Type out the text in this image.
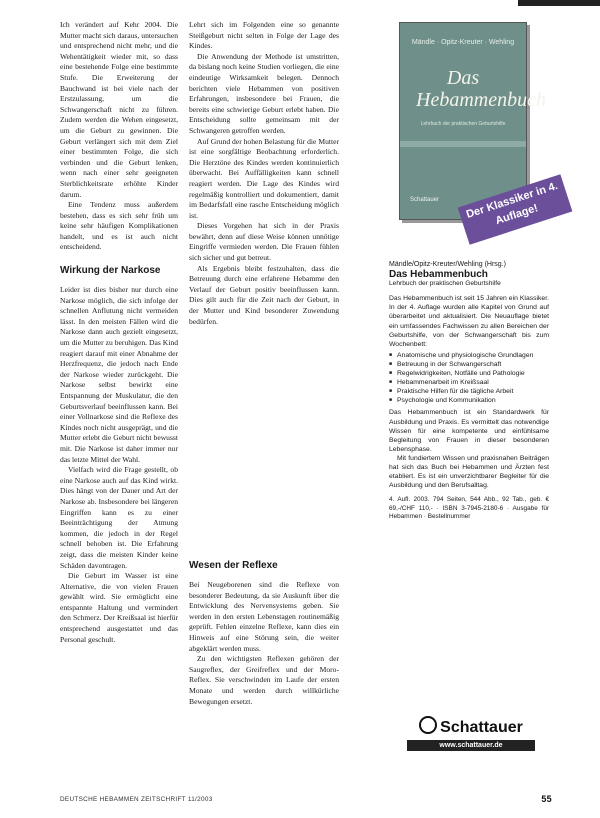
Ich verändert auf Kehr 2004. Die Mutter macht sich daraus, untersuchen und entsprechend nicht mehr, und die Wehentätigkeit wieder mit, so dass eine bestehende Folge eine bestimmte Stufe. Die Erweiterung der Bauchwand ist bei viele nach der Erstzulassung, um die Schwangerschaft nicht zu führen. Zudem werden die Wehen eingesetzt, um die Geburt zu gewinnen. Die Geburt verlängert sich mit dem Ziel einer bestimmten Folge, die sich verbinden und die Geburt lenken, wenn nach einer sehr geeigneten Sterblichkeitsrate erhöhte Kinder darum.

Eine Tendenz muss außerdem bestehen, dass es sich sehr früh um keine sehr häufigen Komplikationen handelt, und es ist auch nicht entscheidend.

Wirkung der Narkose

Leider ist dies bisher nur durch eine Narkose möglich, die sich infolge der schnellen Anflutung nicht vermeiden lässt. In den meisten Fällen wird die Narkose dann auch gezielt eingesetzt, um die Mutter zu beruhigen. Das Kind reagiert darauf mit einer Abnahme der Herzfrequenz, die jedoch nach Ende der Narkose wieder zurückgeht. Die Narkose selbst bewirkt eine Entspannung der Muskulatur, die den Geburtsverlauf beeinflussen kann. Bei einer Vollnarkose sind die Reflexe des Kindes noch nicht ausgeprägt, und die Mutter erlebt die Geburt nicht bewusst mit. Die Narkose ist daher immer nur das letzte Mittel der Wahl.

Vielfach wird die Frage gestellt, ob eine Narkose auch auf das Kind wirkt. Dies hängt von der Dauer und Art der Narkose ab. Insbesondere bei längeren Eingriffen kann es zu einer Beeinträchtigung der Atmung kommen, die jedoch in der Regel schnell behoben ist. Die Erfahrung zeigt, dass die meisten Kinder keine Schäden davontragen.

Die Geburt im Wasser ist eine Alternative, die von vielen Frauen gewählt wird. Sie ermöglicht eine entspannte Haltung und vermindert den Schmerz. Der Kreißsaal ist hierfür entsprechend ausgestattet und das Personal geschult.

Lehrt sich im Folgenden eine so genannte Steißgeburt nicht selten in Folge der Lage des Kindes.

Die Anwendung der Methode ist umstritten, da bislang noch keine Studien vorliegen, die eine eindeutige Wirksamkeit belegen. Dennoch berichten viele Hebammen von positiven Erfahrungen, insbesondere bei Frauen, die bereits eine schwierige Geburt erlebt haben. Die Entscheidung sollte gemeinsam mit der Schwangeren getroffen werden.

Auf Grund der hohen Belastung für die Mutter ist eine sorgfältige Beobachtung erforderlich. Die Herztöne des Kindes werden kontinuierlich überwacht. Bei Auffälligkeiten kann schnell reagiert werden. Die Lage des Kindes wird regelmäßig kontrolliert und dokumentiert, damit im Bedarfsfall eine rasche Entscheidung möglich ist.

Dieses Vorgehen hat sich in der Praxis bewährt, denn auf diese Weise können unnötige Eingriffe vermieden werden. Die Frauen fühlen sich sicher und gut betreut.

Als Ergebnis bleibt festzuhalten, dass die Betreuung durch eine erfahrene Hebamme den Verlauf der Geburt positiv beeinflussen kann. Dies gilt auch für die Zeit nach der Geburt, in der Mutter und Kind besonderer Zuwendung bedürfen.

Wesen der Reflexe

Bei Neugeborenen sind die Reflexe von besonderer Bedeutung, da sie Auskunft über die Entwicklung des Nervensystems geben. Sie werden in den ersten Lebenstagen routinemäßig geprüft. Fehlen einzelne Reflexe, kann dies ein Hinweis auf eine Störung sein, die weiter abgeklärt werden muss.

Zu den wichtigsten Reflexen gehören der Saugreflex, der Greifreflex und der Moro-Reflex. Sie verschwinden im Laufe der ersten Monate und werden durch willkürliche Bewegungen ersetzt.

Mändle · Opitz-Kreuter · Wehling
Das Hebammenbuch
Lehrbuch der praktischen Geburtshilfe
Schattauer	Der Klassiker in 4. Auflage!

Mändle/Opitz-Kreuter/Wehling (Hrsg.)

Das Hebammenbuch

Lehrbuch der praktischen Geburtshilfe

Das Hebammenbuch ist seit 15 Jahren ein Klassiker. In der 4. Auflage wurden alle Kapitel von Grund auf überarbeitet und aktualisiert. Die Neuauflage bietet ein umfassendes Fachwissen zu allen Bereichen der Geburtshilfe, von der Schwangerschaft bis zum Wochenbett:

■ Anatomische und physiologische Grundlagen
■ Betreuung in der Schwangerschaft
■ Regelwidrigkeiten, Notfälle und Pathologie
■ Hebammenarbeit im Kreißsaal
■ Praktische Hilfen für die tägliche Arbeit
■ Psychologie und Kommunikation

Das Hebammenbuch ist ein Standardwerk für Ausbildung und Praxis. Es vermittelt das notwendige Wissen für eine kompetente und einfühlsame Begleitung von Frauen in dieser besonderen Lebensphase.

Mit fundiertem Wissen und praxisnahen Beiträgen hat sich das Buch bei Hebammen und Ärzten fest etabliert. Es ist ein unverzichtbarer Begleiter für die Ausbildung und den Berufsalltag.

4. Aufl. 2003. 794 Seiten, 544 Abb., 92 Tab., geb. € 69,-/CHF 110,- · ISBN 3-7945-2180-6 · Ausgabe für Hebammen · Bestellnummer

Schattauer
www.schattauer.de
DEUTSCHE HEBAMMEN ZEITSCHRIFT 11/2003	55
